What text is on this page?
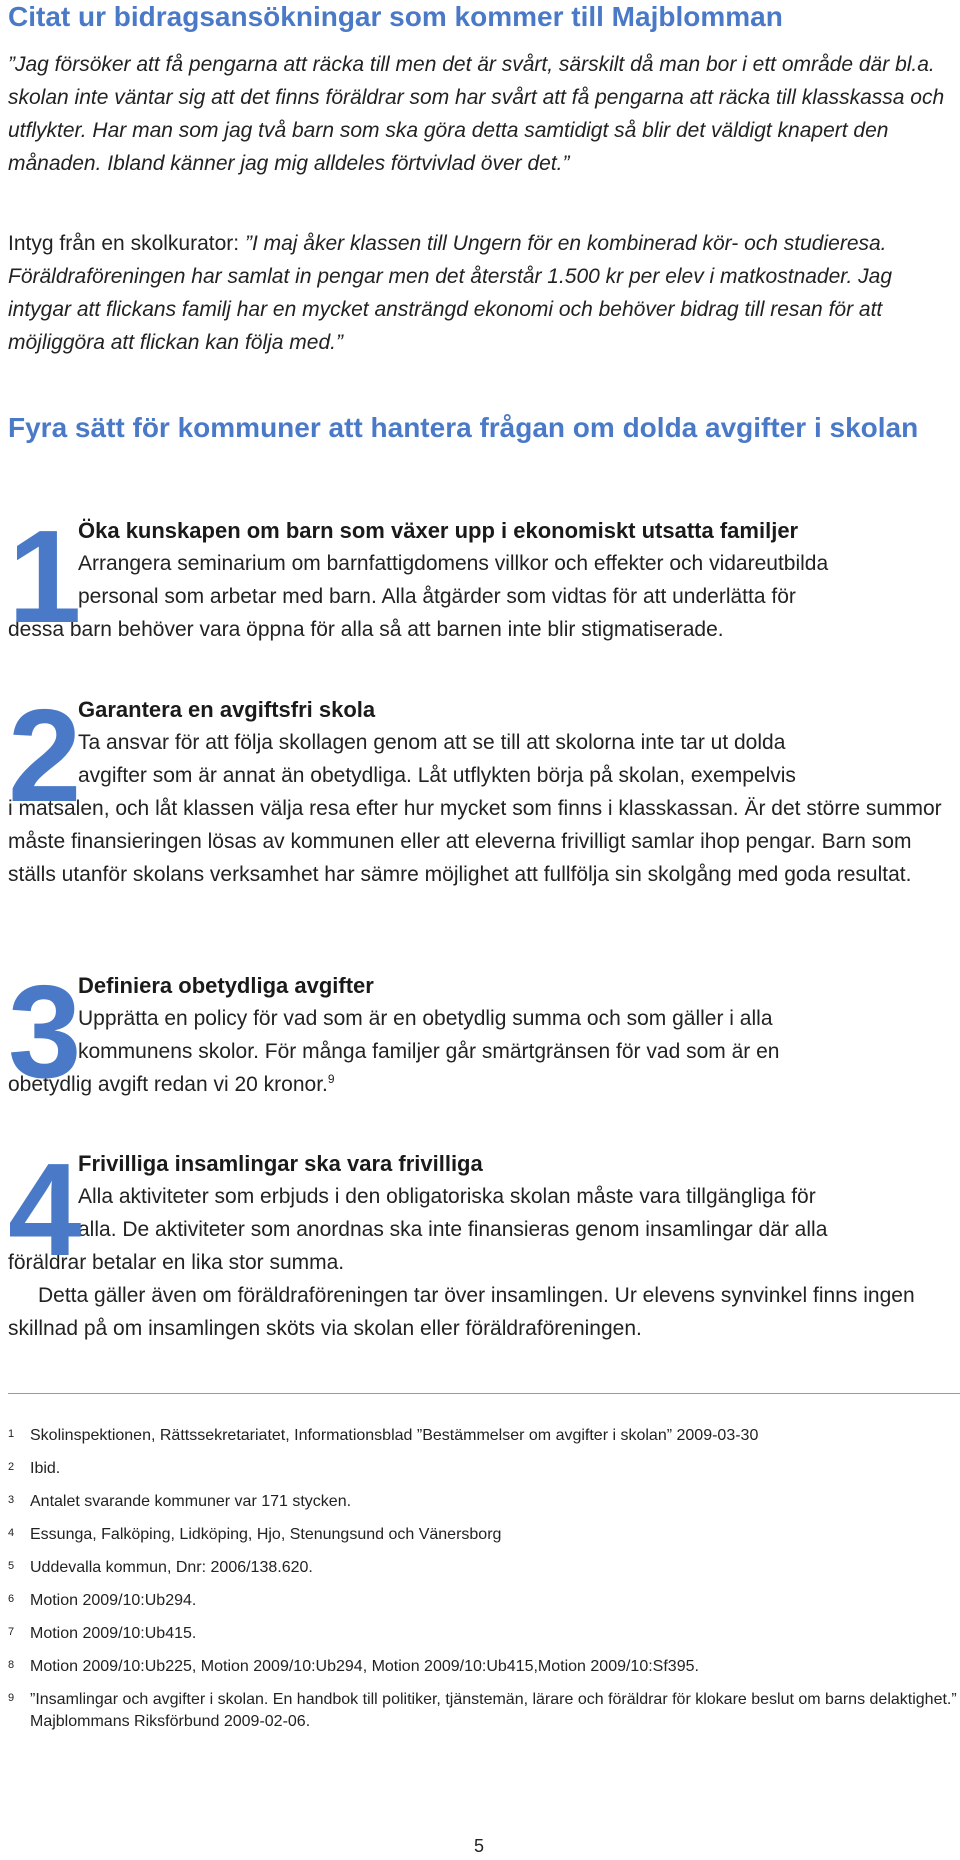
Citat ur bidragsansökningar som kommer till Majblomman
”Jag försöker att få pengarna att räcka till men det är svårt, särskilt då man bor i ett område där bl.a. skolan inte väntar sig att det finns föräldrar som har svårt att få pengarna att räcka till klasskassa och utflykter. Har man som jag två barn som ska göra detta samtidigt så blir det väldigt knapert den månaden. Ibland känner jag mig alldeles förtvivlad över det.”
Intyg från en skolkurator: ”I maj åker klassen till Ungern för en kombinerad kör- och studieresa. Föräldraföreningen har samlat in pengar men det återstår 1.500 kr per elev i matkostnader. Jag intygar att flickans familj har en mycket ansträngd ekonomi och behöver bidrag till resan för att möjliggöra att flickan kan följa med.”
Fyra sätt för kommuner att hantera frågan om dolda avgifter i skolan
1
Öka kunskapen om barn som växer upp i ekonomiskt utsatta familjer
Arrangera seminarium om barnfattigdomens villkor och effekter och vidareutbilda
personal som arbetar med barn. Alla åtgärder som vidtas för att underlätta för
dessa barn behöver vara öppna för alla så att barnen inte blir stigmatiserade.
2
Garantera en avgiftsfri skola
Ta ansvar för att följa skollagen genom att se till att skolorna inte tar ut dolda
avgifter som är annat än obetydliga. Låt utflykten börja på skolan, exempelvis
i matsalen, och låt klassen välja resa efter hur mycket som finns i klasskassan. Är det större summor måste finansieringen lösas av kommunen eller att eleverna frivilligt samlar ihop pengar. Barn som ställs utanför skolans verksamhet har sämre möjlighet att fullfölja sin skolgång med goda resultat.
3
Definiera obetydliga avgifter
Upprätta en policy för vad som är en obetydlig summa och som gäller i alla
kommunens skolor. För många familjer går smärtgränsen för vad som är en
obetydlig avgift redan vi 20 kronor.$^9$
4
Frivilliga insamlingar ska vara frivilliga
Alla aktiviteter som erbjuds i den obligatoriska skolan måste vara tillgängliga för
alla. De aktiviteter som anordnas ska inte finansieras genom insamlingar där alla
föräldrar betalar en lika stor summa.
Detta gäller även om föräldraföreningen tar över insamlingen. Ur elevens synvinkel finns ingen skillnad på om insamlingen sköts via skolan eller föräldraföreningen.
1 Skolinspektionen, Rättssekretariatet, Informationsblad ”Bestämmelser om avgifter i skolan” 2009-03-30
2 Ibid.
3 Antalet svarande kommuner var 171 stycken.
4 Essunga, Falköping, Lidköping, Hjo, Stenungsund och Vänersborg
5 Uddevalla kommun, Dnr: 2006/138.620.
6 Motion 2009/10:Ub294.
7 Motion 2009/10:Ub415.
8 Motion 2009/10:Ub225, Motion 2009/10:Ub294, Motion 2009/10:Ub415,Motion 2009/10:Sf395.
9 ”Insamlingar och avgifter i skolan. En handbok till politiker, tjänstemän, lärare och föräldrar för klokare beslut om barns delaktighet.” Majblommans Riksförbund 2009-02-06.
5
